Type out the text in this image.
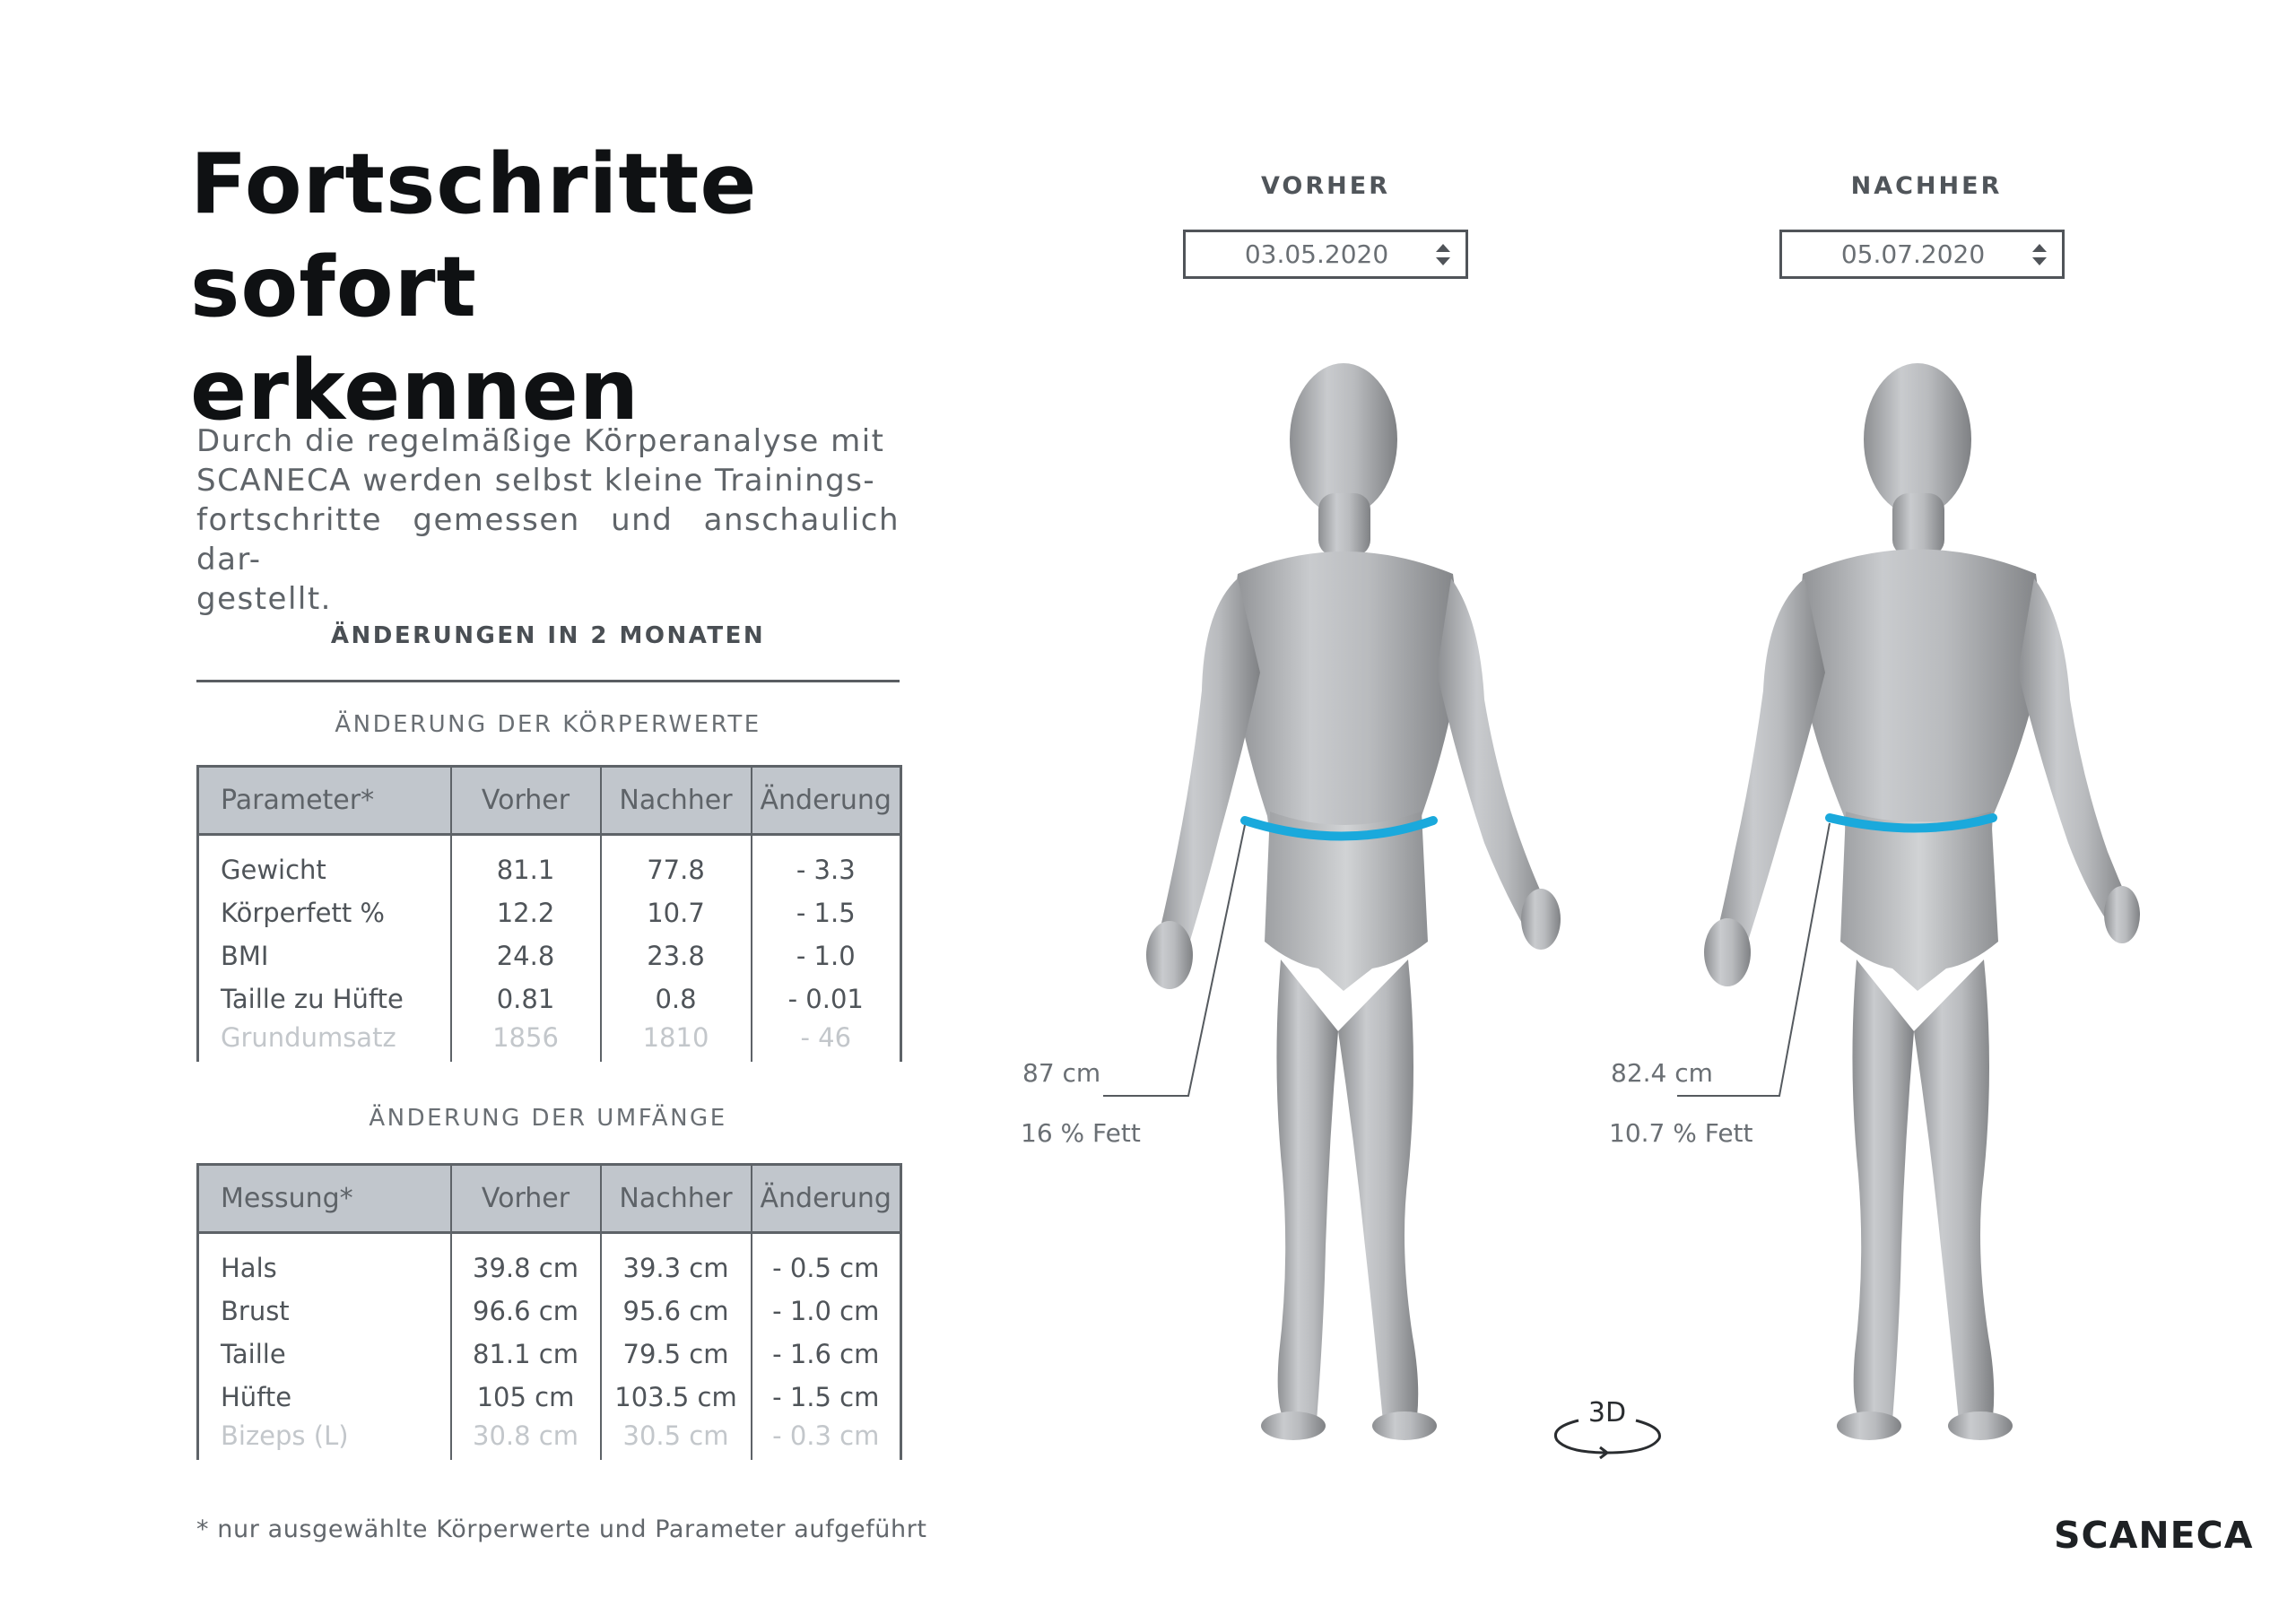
Fortschritte
sofort erkennen

Durch die regelmäßige Körperanalyse mit
SCANECA werden selbst kleine Trainings-
fortschritte gemessen und anschaulich dar-
gestellt.

ÄNDERUNGEN IN 2 MONATEN
ÄNDERUNG DER KÖRPERWERTE
Parameter*	Vorher	Nachher	Änderung

Gewicht	81.1	77.8	- 3.3
Körperfett %	12.2	10.7	- 1.5
BMI	24.8	23.8	- 1.0
Taille zu Hüfte	0.81	0.8	- 0.01
Grundumsatz	1856	1810	- 46
ÄNDERUNG DER UMFÄNGE
Messung*	Vorher	Nachher	Änderung

Hals	39.8 cm	39.3 cm	- 0.5 cm
Brust	96.6 cm	95.6 cm	- 1.0 cm
Taille	81.1 cm	79.5 cm	- 1.6 cm
Hüfte	105 cm	103.5 cm	- 1.5 cm
Bizeps (L)	30.8 cm	30.5 cm	- 0.3 cm
* nur ausgewählte Körperwerte und Parameter aufgeführt
VORHER
03.05.2020
NACHHER
05.07.2020
87 cm
16 % Fett
82.4 cm
10.7 % Fett
3D
SCANECA
